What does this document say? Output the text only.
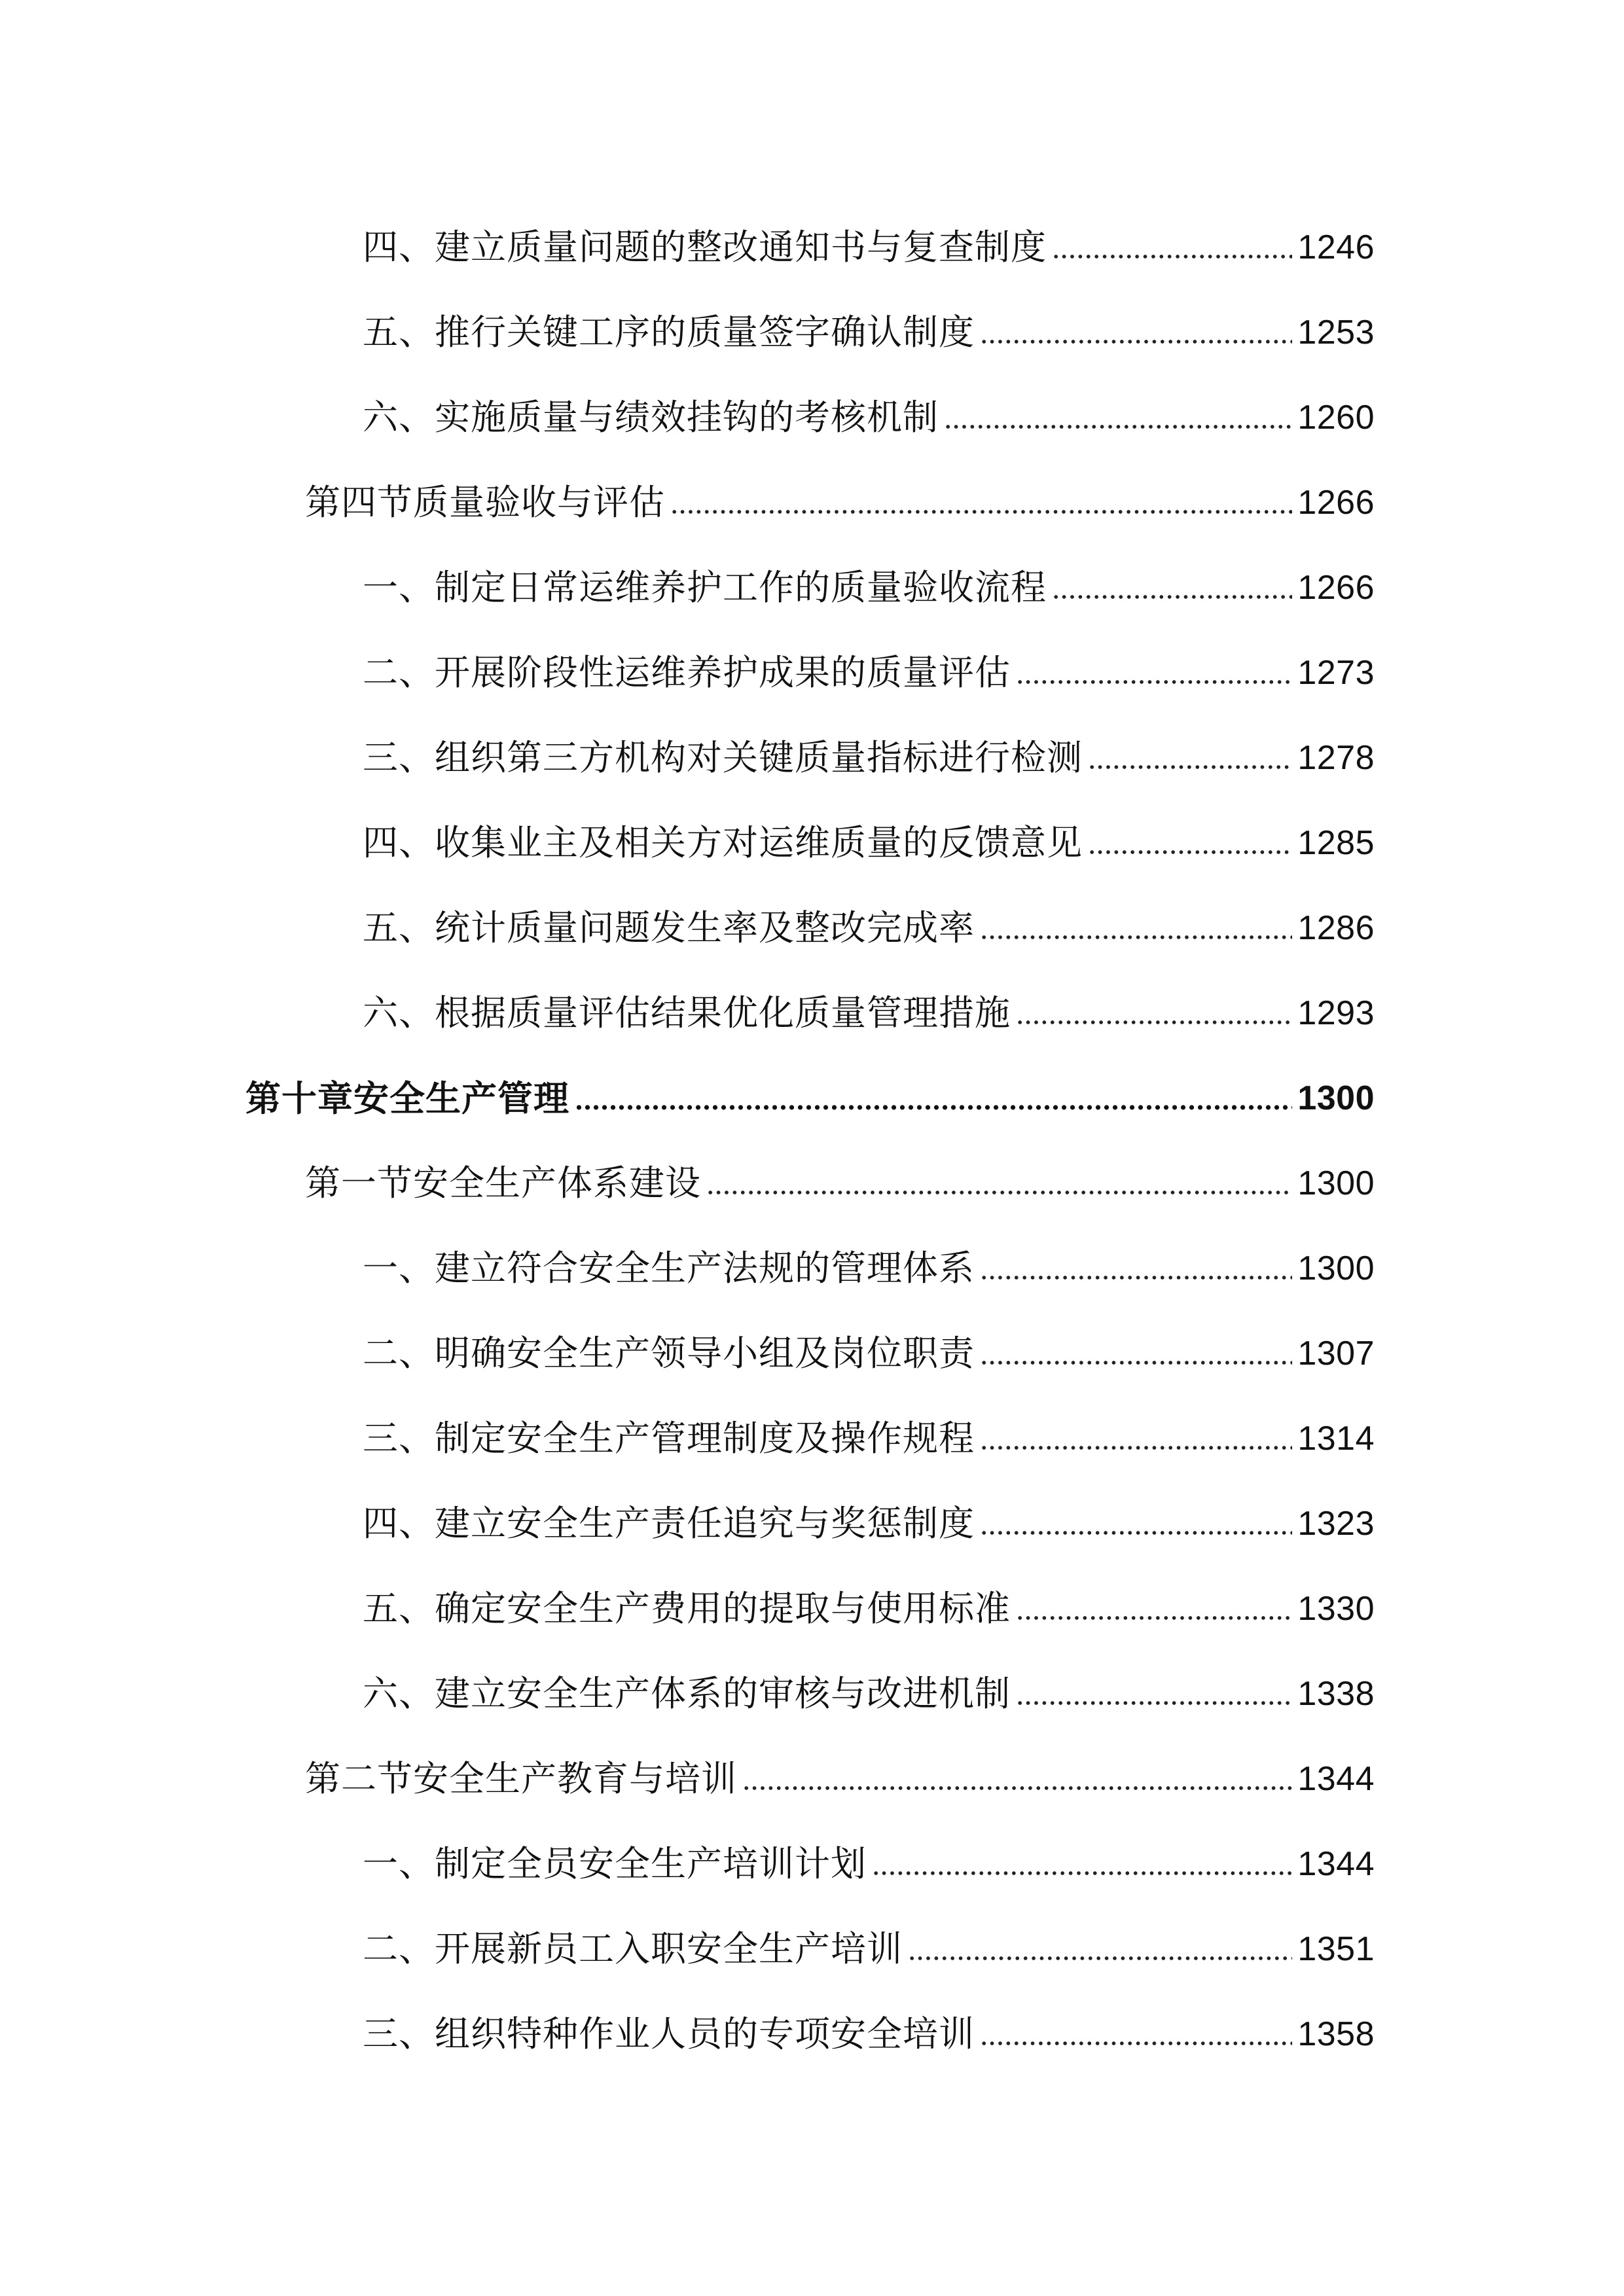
四、建立质量问题的整改通知书与复查制度	1246
五、推行关键工序的质量签字确认制度	1253
六、实施质量与绩效挂钩的考核机制	1260
第四节质量验收与评估	1266
一、制定日常运维养护工作的质量验收流程	1266
二、开展阶段性运维养护成果的质量评估	1273
三、组织第三方机构对关键质量指标进行检测	1278
四、收集业主及相关方对运维质量的反馈意见	1285
五、统计质量问题发生率及整改完成率	1286
六、根据质量评估结果优化质量管理措施	1293
第十章安全生产管理	1300
第一节安全生产体系建设	1300
一、建立符合安全生产法规的管理体系	1300
二、明确安全生产领导小组及岗位职责	1307
三、制定安全生产管理制度及操作规程	1314
四、建立安全生产责任追究与奖惩制度	1323
五、确定安全生产费用的提取与使用标准	1330
六、建立安全生产体系的审核与改进机制	1338
第二节安全生产教育与培训	1344
一、制定全员安全生产培训计划	1344
二、开展新员工入职安全生产培训	1351
三、组织特种作业人员的专项安全培训	1358
